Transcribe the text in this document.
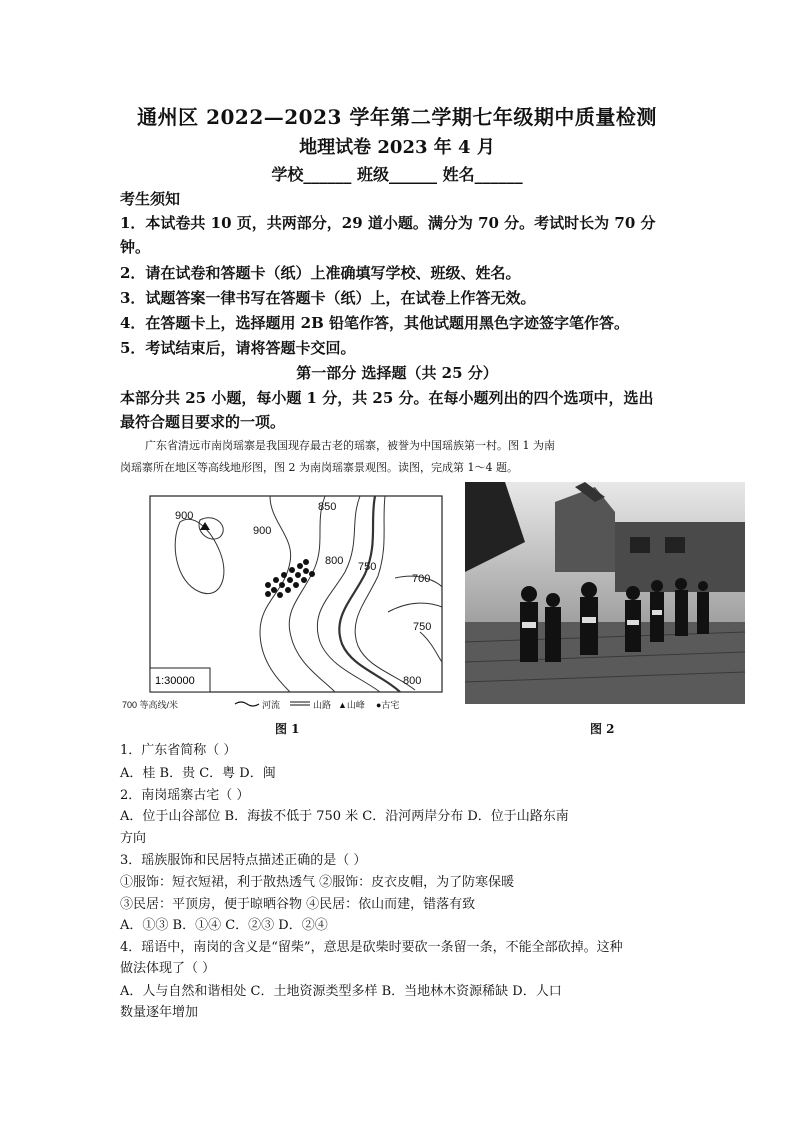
通州区 2022—2023 学年第二学期七年级期中质量检测
地理试卷 2023 年 4 月
学校______ 班级______ 姓名______
考生须知
1．本试卷共 10 页，共两部分，29 道小题。满分为 70 分。考试时长为 70 分
钟。
2．请在试卷和答题卡（纸）上准确填写学校、班级、姓名。
3．试题答案一律书写在答题卡（纸）上，在试卷上作答无效。
4．在答题卡上，选择题用 2B 铅笔作答，其他试题用黑色字迹签字笔作答。
5．考试结束后，请将答题卡交回。
第一部分 选择题（共 25 分）
本部分共 25 小题，每小题 1 分，共 25 分。在每小题列出的四个选项中，选出
最符合题目要求的一项。
广东省清远市南岗瑶寨是我国现存最古老的瑶寨，被誉为中国瑶族第一村。图 1 为南
岗瑶寨所在地区等高线地形图，图 2 为南岗瑶寨景观图。读图，完成第 1～4 题。
900
900
850
800 750
700
750
800
1:30000
700 等高线/米	河流	山路 ▲山峰 ●古宅
图 1	图 2
1．广东省简称（ ）
A．桂 B．贵 C．粤 D．闽
2．南岗瑶寨古宅（ ）
A．位于山谷部位 B．海拔不低于 750 米 C．沿河两岸分布 D．位于山路东南
方向
3．瑶族服饰和民居特点描述正确的是（ ）
①服饰：短衣短裙，利于散热透气 ②服饰：皮衣皮帽，为了防寒保暖
③民居：平顶房，便于晾晒谷物 ④民居：依山而建，错落有致
A．①③ B．①④ C．②③ D．②④
4．瑶语中，南岗的含义是“留柴”，意思是砍柴时要砍一条留一条，不能全部砍掉。这种
做法体现了（ ）
A．人与自然和谐相处 C．土地资源类型多样 B．当地林木资源稀缺 D．人口
数量逐年增加
